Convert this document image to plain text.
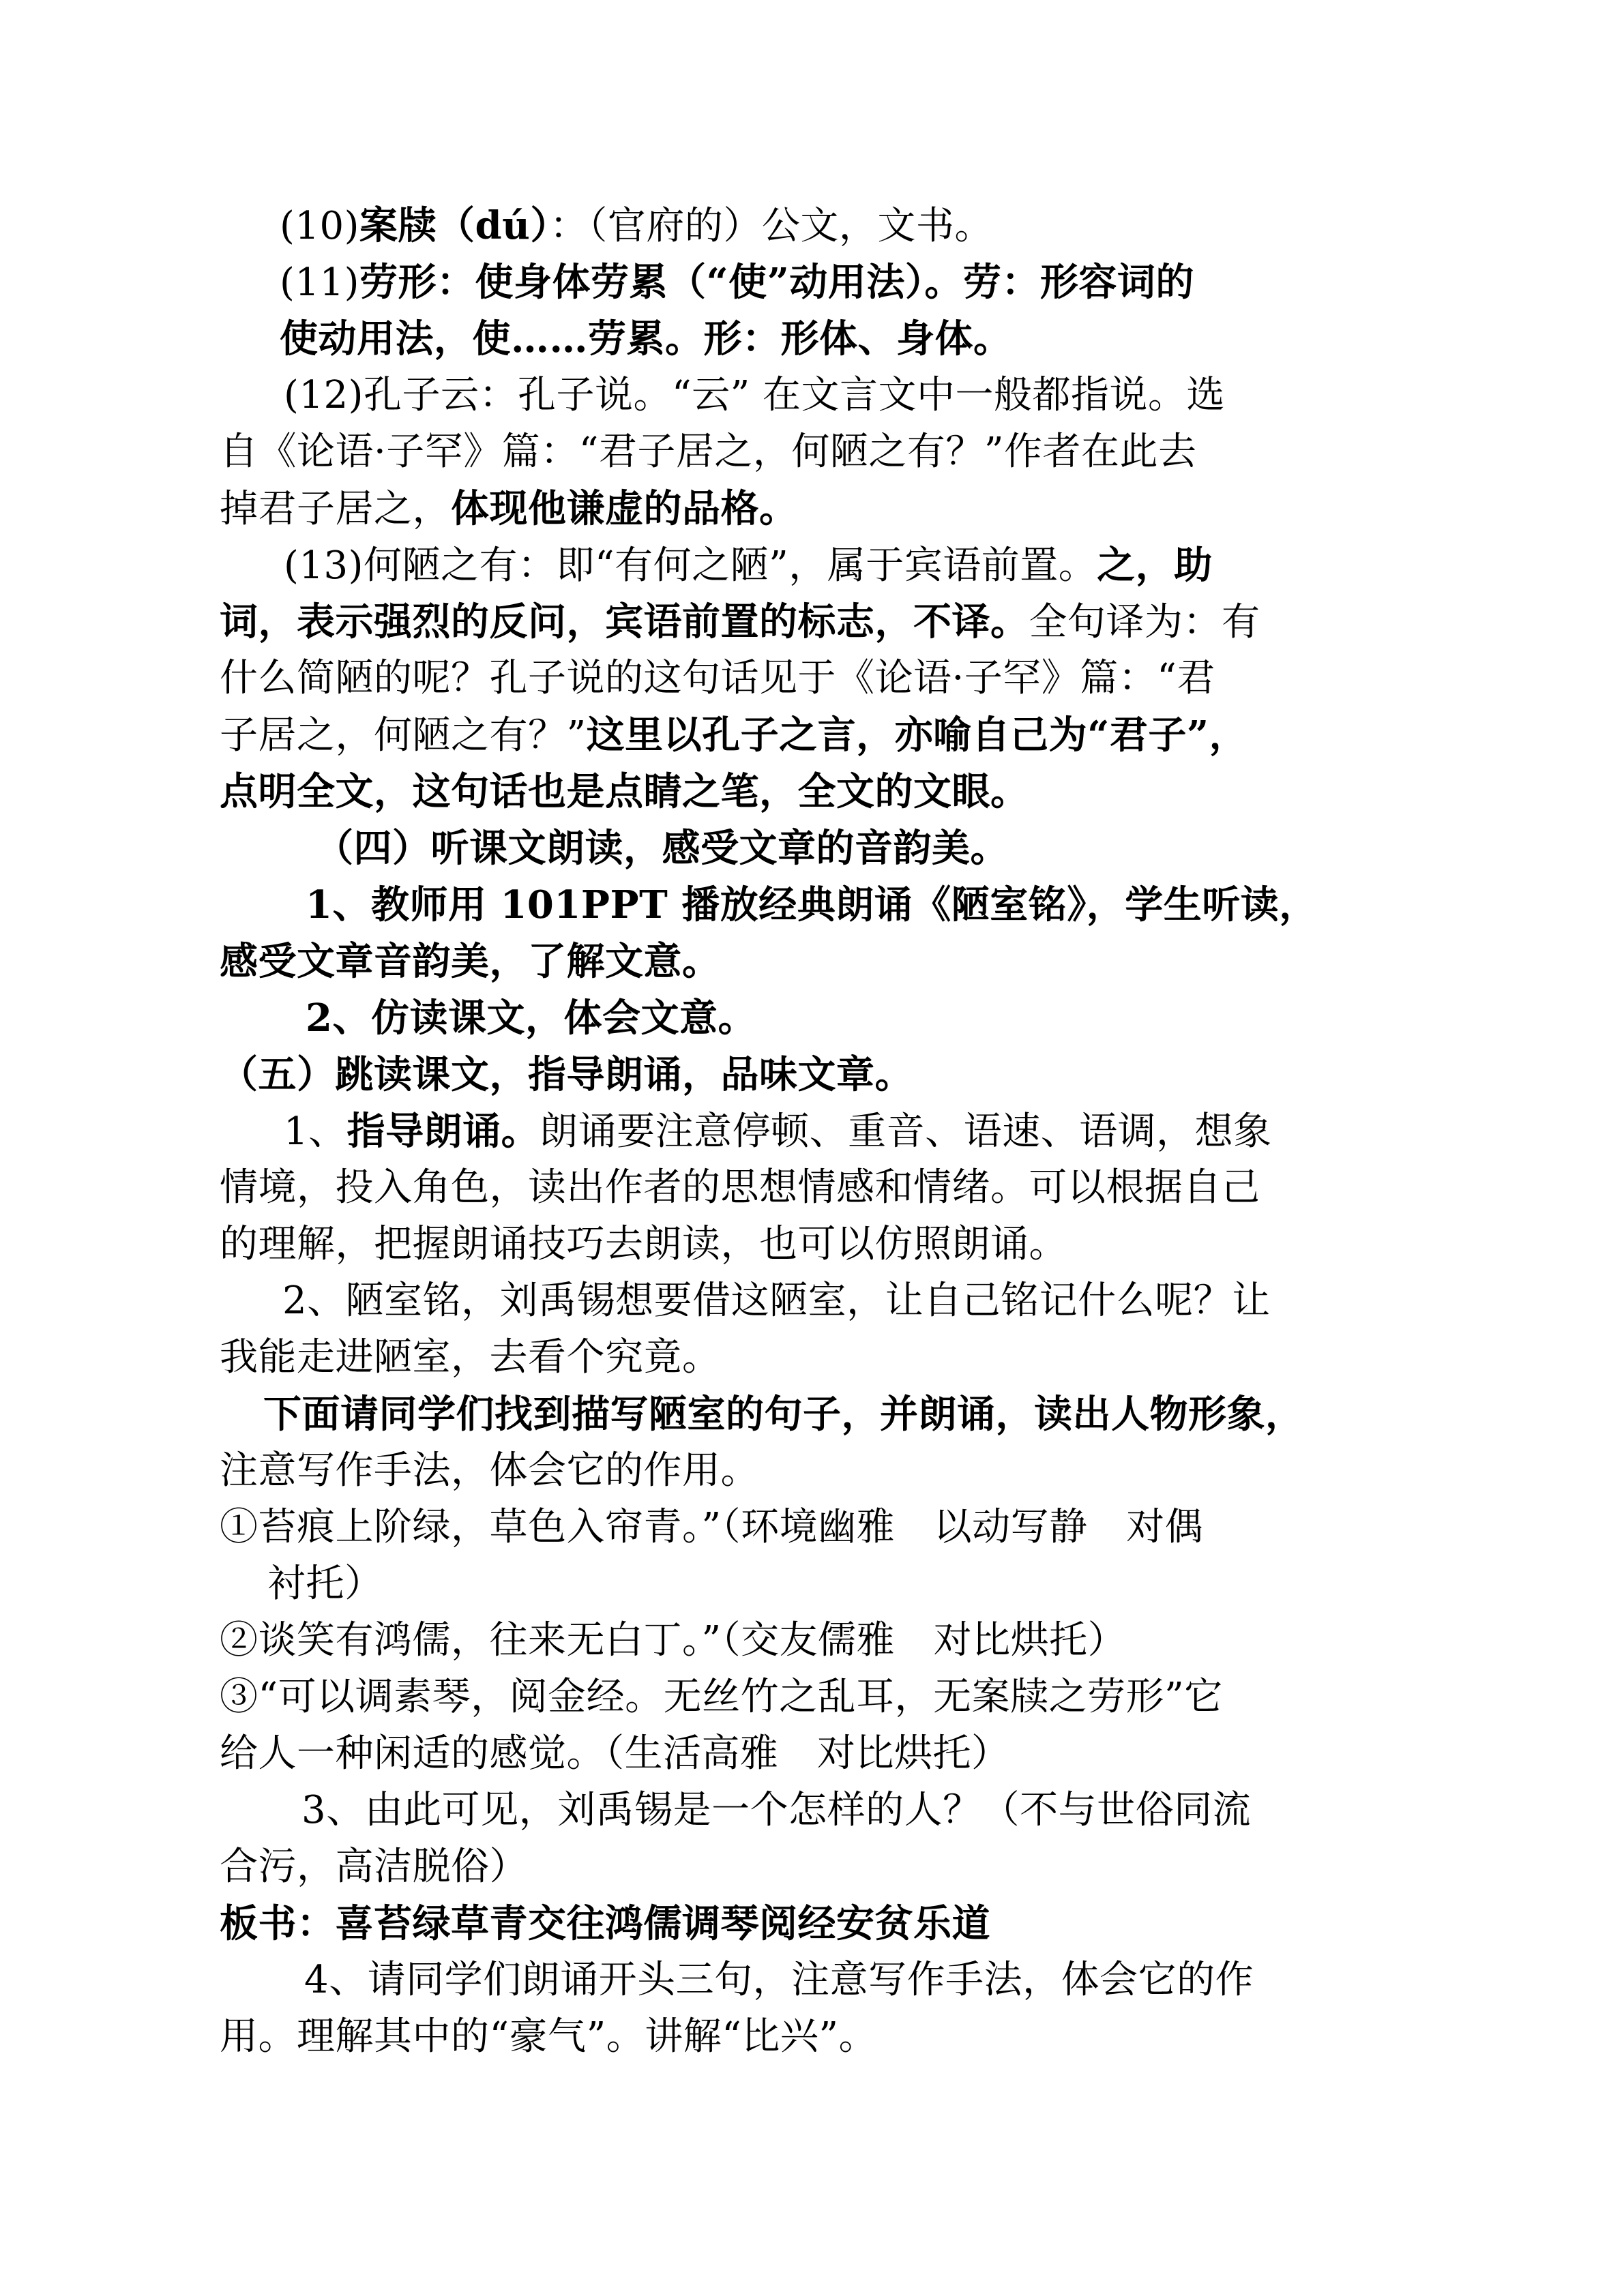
(10)案牍（dú）：（官府的）公文，文书。
(11)劳形：使身体劳累（“使”动用法）。劳：形容词的
使动用法，使……劳累。形：形体、身体。
(12)孔子云：孔子说。“云” 在文言文中一般都指说。选
自《论语·子罕》篇：“君子居之，何陋之有？”作者在此去
掉君子居之，体现他谦虚的品格。
(13)何陋之有：即“有何之陋”，属于宾语前置。之，助
词，表示强烈的反问，宾语前置的标志，不译。全句译为：有
什么简陋的呢？孔子说的这句话见于《论语·子罕》篇：“君
子居之，何陋之有？”这里以孔子之言，亦喻自己为“君子”，
点明全文，这句话也是点睛之笔，全文的文眼。
（四）听课文朗读，感受文章的音韵美。
1、教师用 101PPT 播放经典朗诵《陋室铭》，学生听读，
感受文章音韵美，了解文意。
2、仿读课文，体会文意。
（五）跳读课文，指导朗诵，品味文章。
1、指导朗诵。朗诵要注意停顿、重音、语速、语调，想象
情境，投入角色，读出作者的思想情感和情绪。可以根据自己
的理解，把握朗诵技巧去朗读，也可以仿照朗诵。
2、陋室铭，刘禹锡想要借这陋室，让自己铭记什么呢？让
我能走进陋室，去看个究竟。
下面请同学们找到描写陋室的句子，并朗诵，读出人物形象，
注意写作手法，体会它的作用。
①苔痕上阶绿，草色入帘青。”（环境幽雅　以动写静　对偶
衬托）
②谈笑有鸿儒，往来无白丁。”（交友儒雅　对比烘托）
③“可以调素琴，阅金经。无丝竹之乱耳，无案牍之劳形”它
给人一种闲适的感觉。（生活高雅　对比烘托）
3、由此可见，刘禹锡是一个怎样的人？（不与世俗同流
合污，高洁脱俗）
板书：喜苔绿草青交往鸿儒调琴阅经安贫乐道
4、请同学们朗诵开头三句，注意写作手法，体会它的作
用。理解其中的“豪气”。讲解“比兴”。
